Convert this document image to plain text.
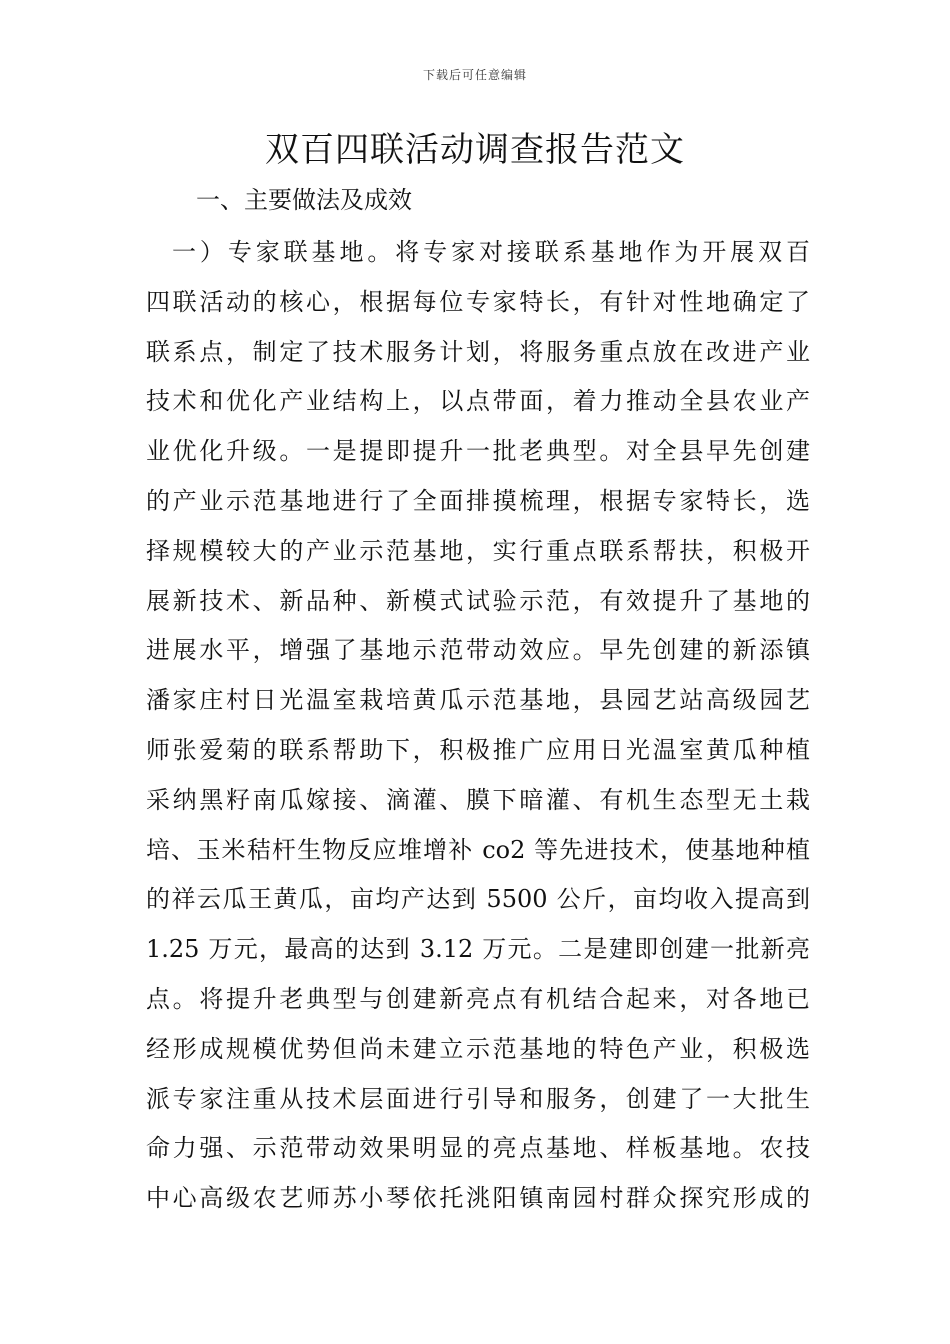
下载后可任意编辑
双百四联活动调查报告范文
一、主要做法及成效
一）专家联基地。将专家对接联系基地作为开展双百
四联活动的核心，根据每位专家特长，有针对性地确定了
联系点，制定了技术服务计划，将服务重点放在改进产业
技术和优化产业结构上，以点带面，着力推动全县农业产
业优化升级。一是提即提升一批老典型。对全县早先创建
的产业示范基地进行了全面排摸梳理，根据专家特长，选
择规模较大的产业示范基地，实行重点联系帮扶，积极开
展新技术、新品种、新模式试验示范，有效提升了基地的
进展水平，增强了基地示范带动效应。早先创建的新添镇
潘家庄村日光温室栽培黄瓜示范基地，县园艺站高级园艺
师张爱菊的联系帮助下，积极推广应用日光温室黄瓜种植
采纳黑籽南瓜嫁接、滴灌、膜下暗灌、有机生态型无土栽
培、玉米秸杆生物反应堆增补 co2 等先进技术，使基地种植
的祥云瓜王黄瓜，亩均产达到 5500 公斤，亩均收入提高到
1.25 万元，最高的达到 3.12 万元。二是建即创建一批新亮
点。将提升老典型与创建新亮点有机结合起来，对各地已
经形成规模优势但尚未建立示范基地的特色产业，积极选
派专家注重从技术层面进行引导和服务，创建了一大批生
命力强、示范带动效果明显的亮点基地、样板基地。农技
中心高级农艺师苏小琴依托洮阳镇南园村群众探究形成的
